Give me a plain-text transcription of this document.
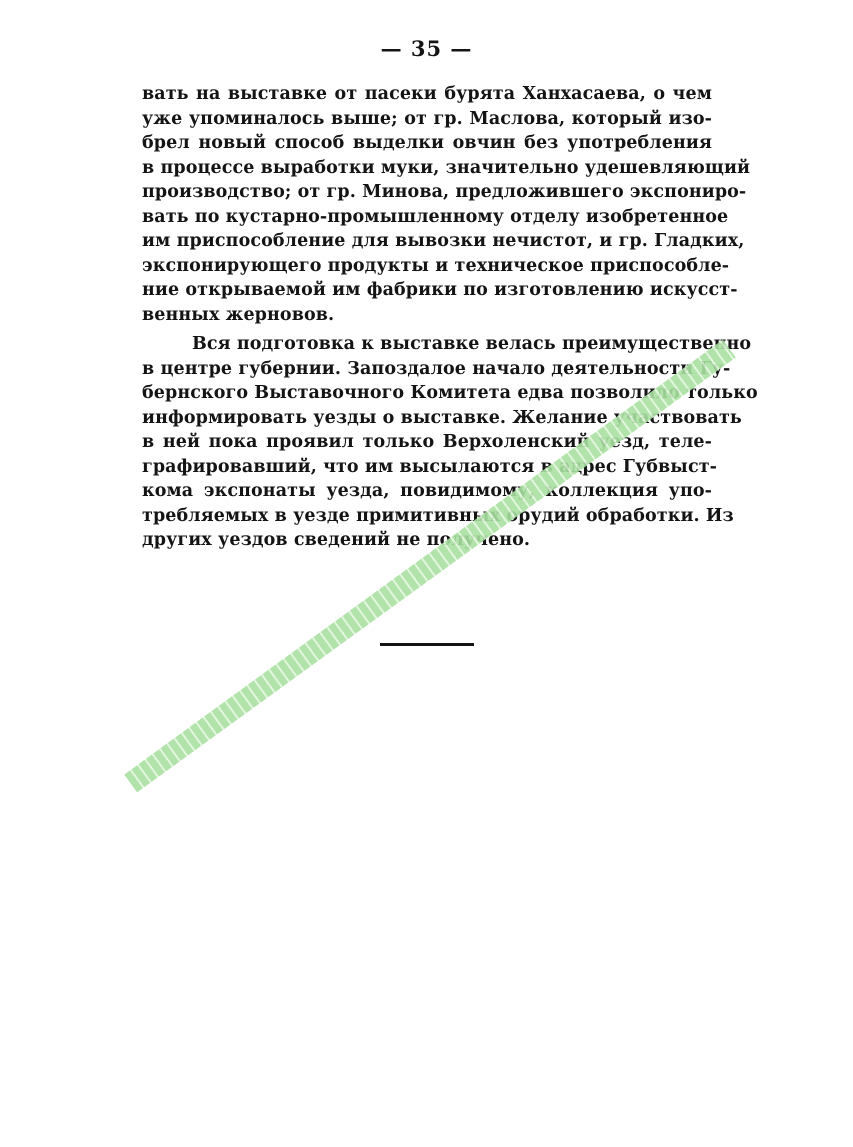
— 35 —
вать на выставке от пасеки бурята Ханхасаева, о чем
уже упоминалось выше; от гр. Маслова, который изо-
брел новый способ выделки овчин без употребления
в процессе выработки муки, значительно удешевляющий
производство; от гр. Минова, предложившего экспониро-
вать по кустарно-промышленному отделу изобретенное
им приспособление для вывозки нечистот, и гр. Гладких,
экспонирующего продукты и техническое приспособле-
ние открываемой им фабрики по изготовлению искусст-
венных жерновов.
Вся подготовка к выставке велась преимущественно
в центре губернии. Запоздалое начало деятельности Гу-
бернского Выставочного Комитета едва позволило только
информировать уезды о выставке. Желание участвовать
в ней пока проявил только Верхоленский уезд, теле-
графировавший, что им высылаются в адрес Губвыст-
кома экспонаты уезда, повидимому, коллекция упо-
требляемых в уезде примитивных орудий обработки. Из
других уездов сведений не получено.
